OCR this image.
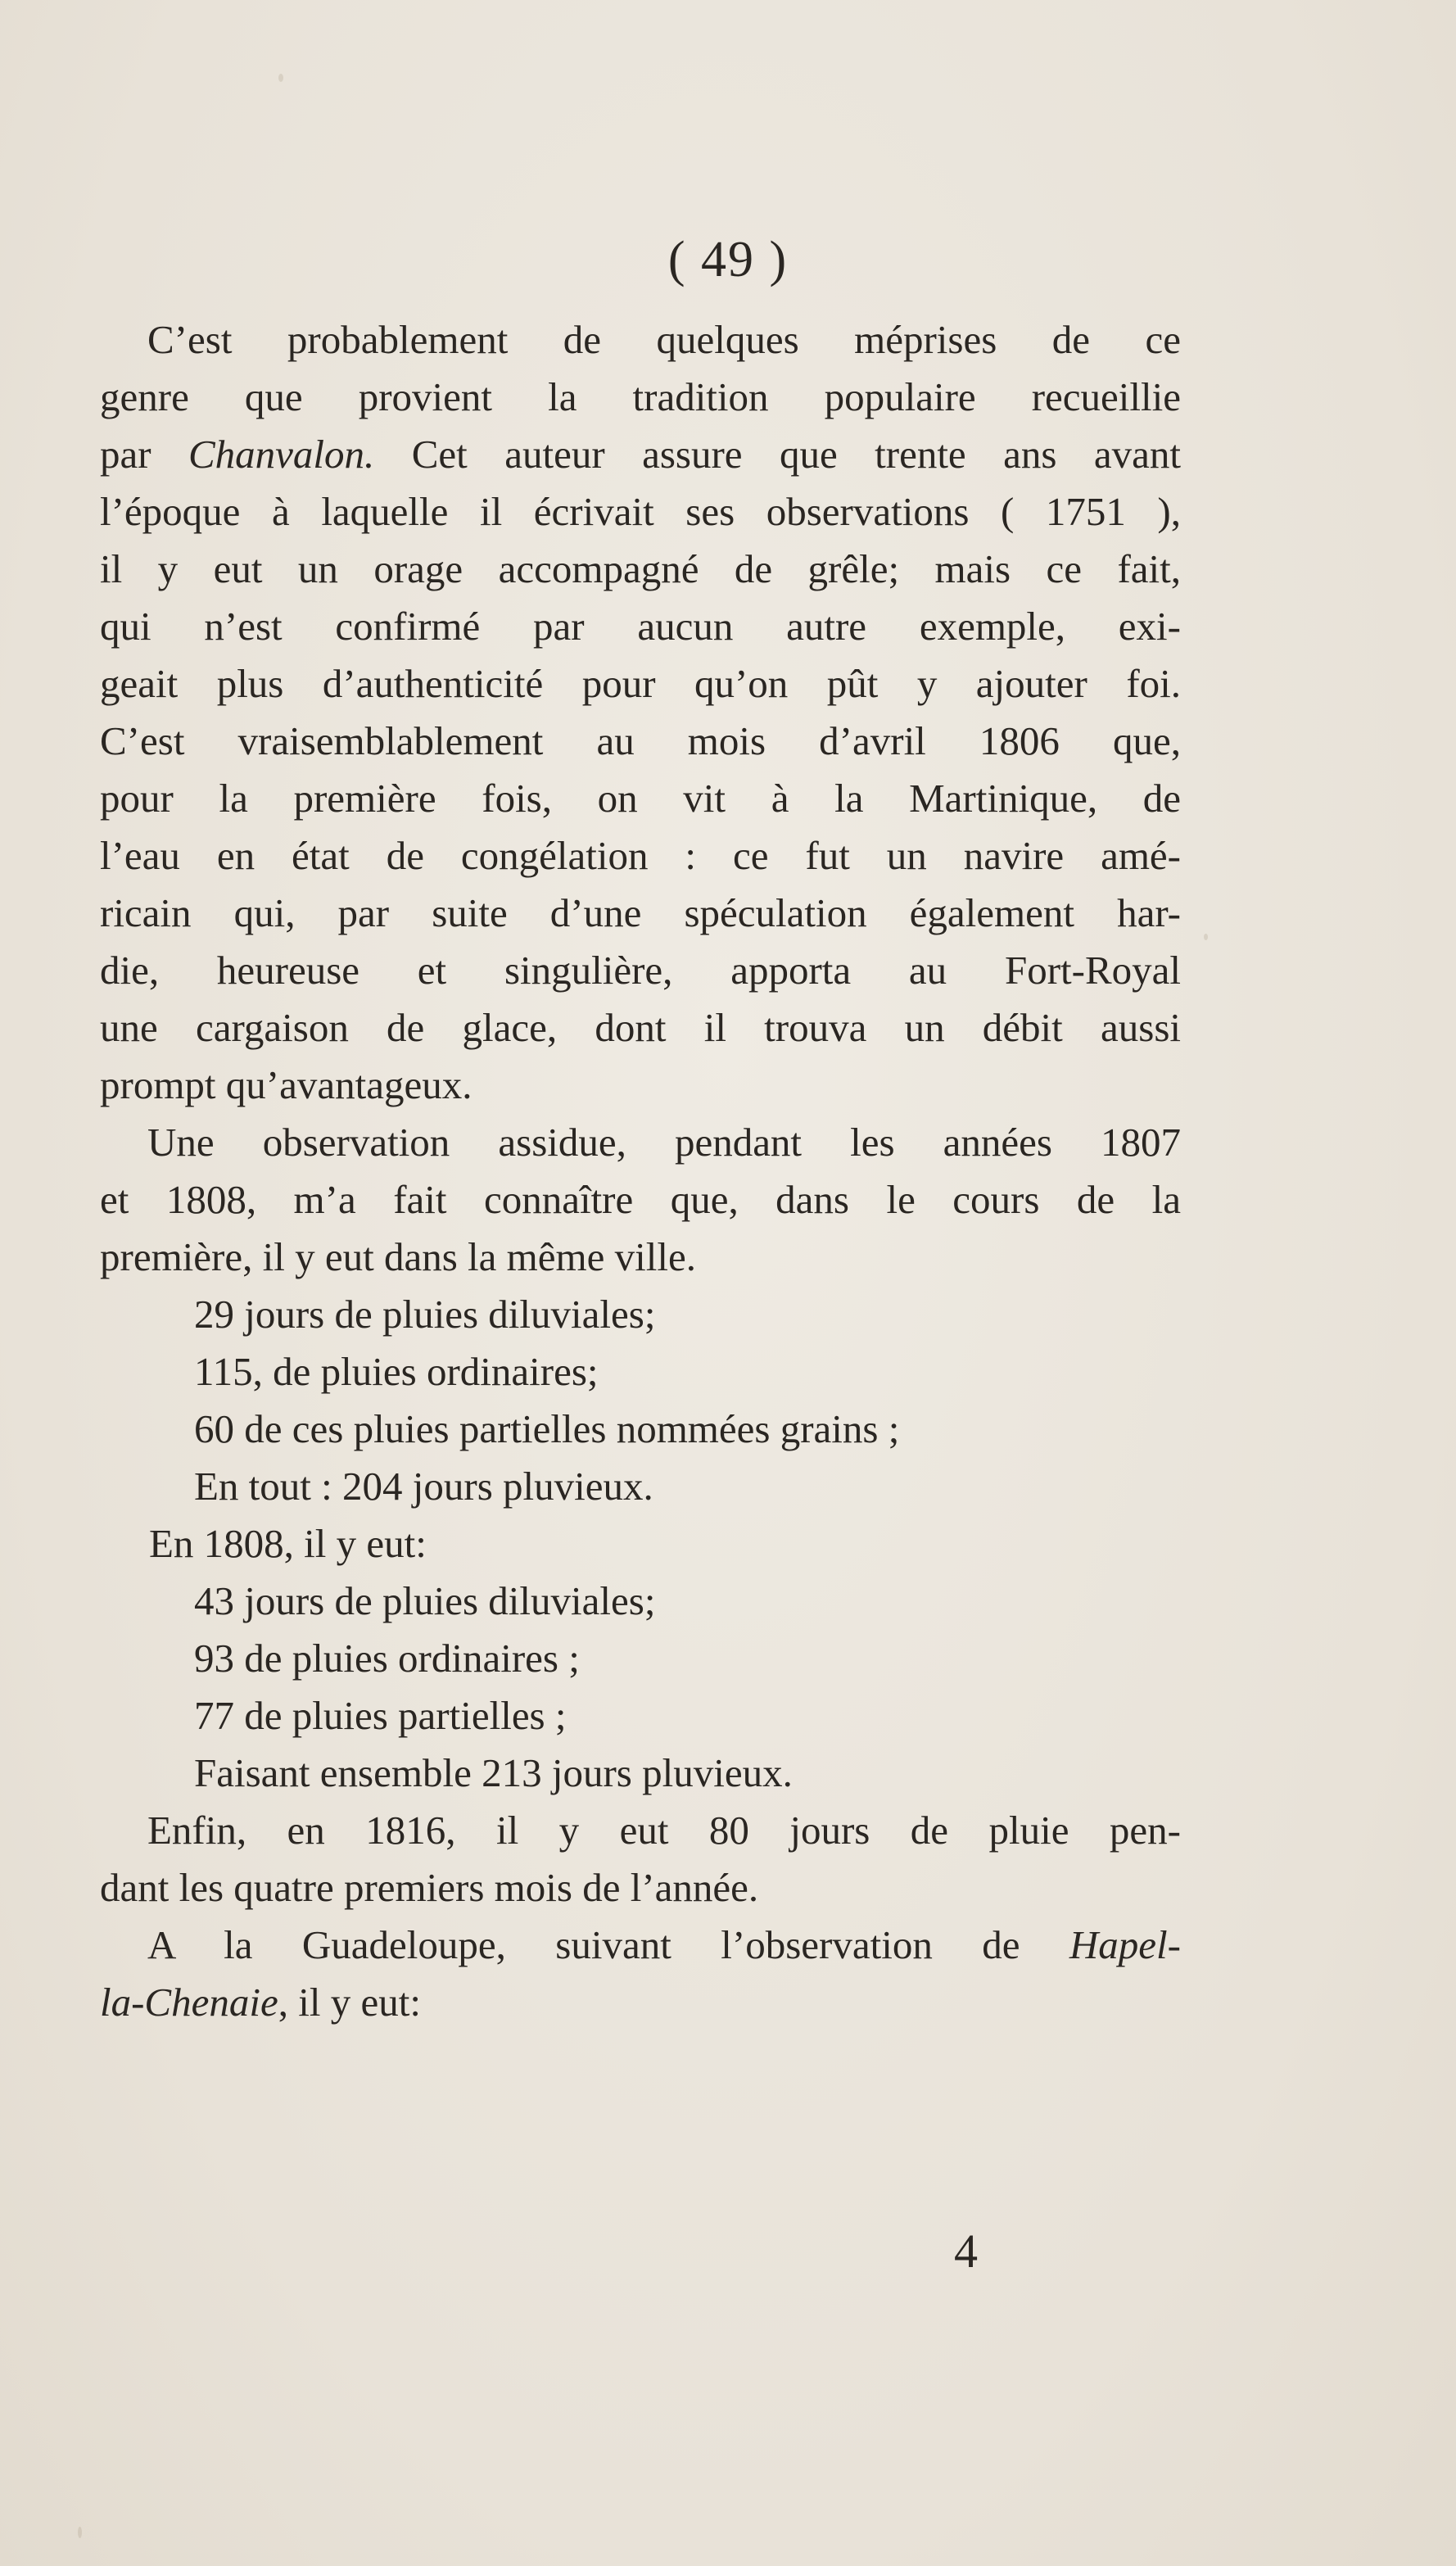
( 49 )
C’est probablement de quelques méprises de ce
genre que provient la tradition populaire recueillie
par Chanvalon. Cet auteur assure que trente ans avant
l’époque à laquelle il écrivait ses observations ( 1751 ),
il y eut un orage accompagné de grêle; mais ce fait,
qui n’est confirmé par aucun autre exemple, exi-
geait plus d’authenticité pour qu’on pût y ajouter foi.
C’est vraisemblablement au mois d’avril 1806 que,
pour la première fois, on vit à la Martinique, de
l’eau en état de congélation : ce fut un navire amé-
ricain qui, par suite d’une spéculation également har-
die, heureuse et singulière, apporta au Fort-Royal
une cargaison de glace, dont il trouva un débit aussi
prompt qu’avantageux.
Une observation assidue, pendant les années 1807
et 1808, m’a fait connaître que, dans le cours de la
première, il y eut dans la même ville.
29 jours de pluies diluviales;
115, de pluies ordinaires;
60 de ces pluies partielles nommées grains ;
En tout : 204 jours pluvieux.
En 1808, il y eut:
43 jours de pluies diluviales;
93 de pluies ordinaires ;
77 de pluies partielles ;
Faisant ensemble 213 jours pluvieux.
Enfin, en 1816, il y eut 80 jours de pluie pen-
dant les quatre premiers mois de l’année.
A la Guadeloupe, suivant l’observation de Hapel-
la-Chenaie, il y eut:
4
